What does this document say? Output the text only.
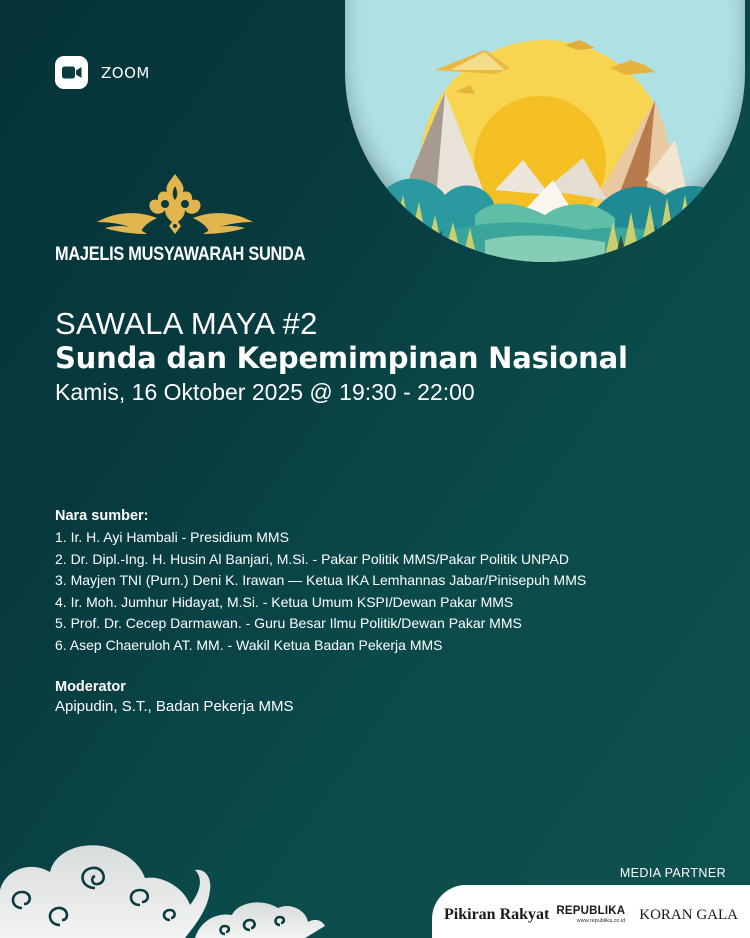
ZOOM
MAJELIS MUSYAWARAH SUNDA
SAWALA MAYA #2
Sunda dan Kepemimpinan Nasional
Kamis, 16 Oktober 2025 @ 19:30 - 22:00
Nara sumber:
1. Ir. H. Ayi Hambali - Presidium MMS
2. Dr. Dipl.-Ing. H. Husin Al Banjari, M.Si. - Pakar Politik MMS/Pakar Politik UNPAD
3. Mayjen TNI (Purn.) Deni K. Irawan — Ketua IKA Lemhannas Jabar/Pinisepuh MMS
4. Ir. Moh. Jumhur Hidayat, M.Si. - Ketua Umum KSPI/Dewan Pakar MMS
5. Prof. Dr. Cecep Darmawan. - Guru Besar Ilmu Politik/Dewan Pakar MMS
6. Asep Chaeruloh AT. MM. - Wakil Ketua Badan Pekerja MMS
Moderator
Apipudin, S.T., Badan Pekerja MMS
MEDIA PARTNER
Pikiran Rakyat REPUBLIKA
www.republika.co.id KORAN GALA
